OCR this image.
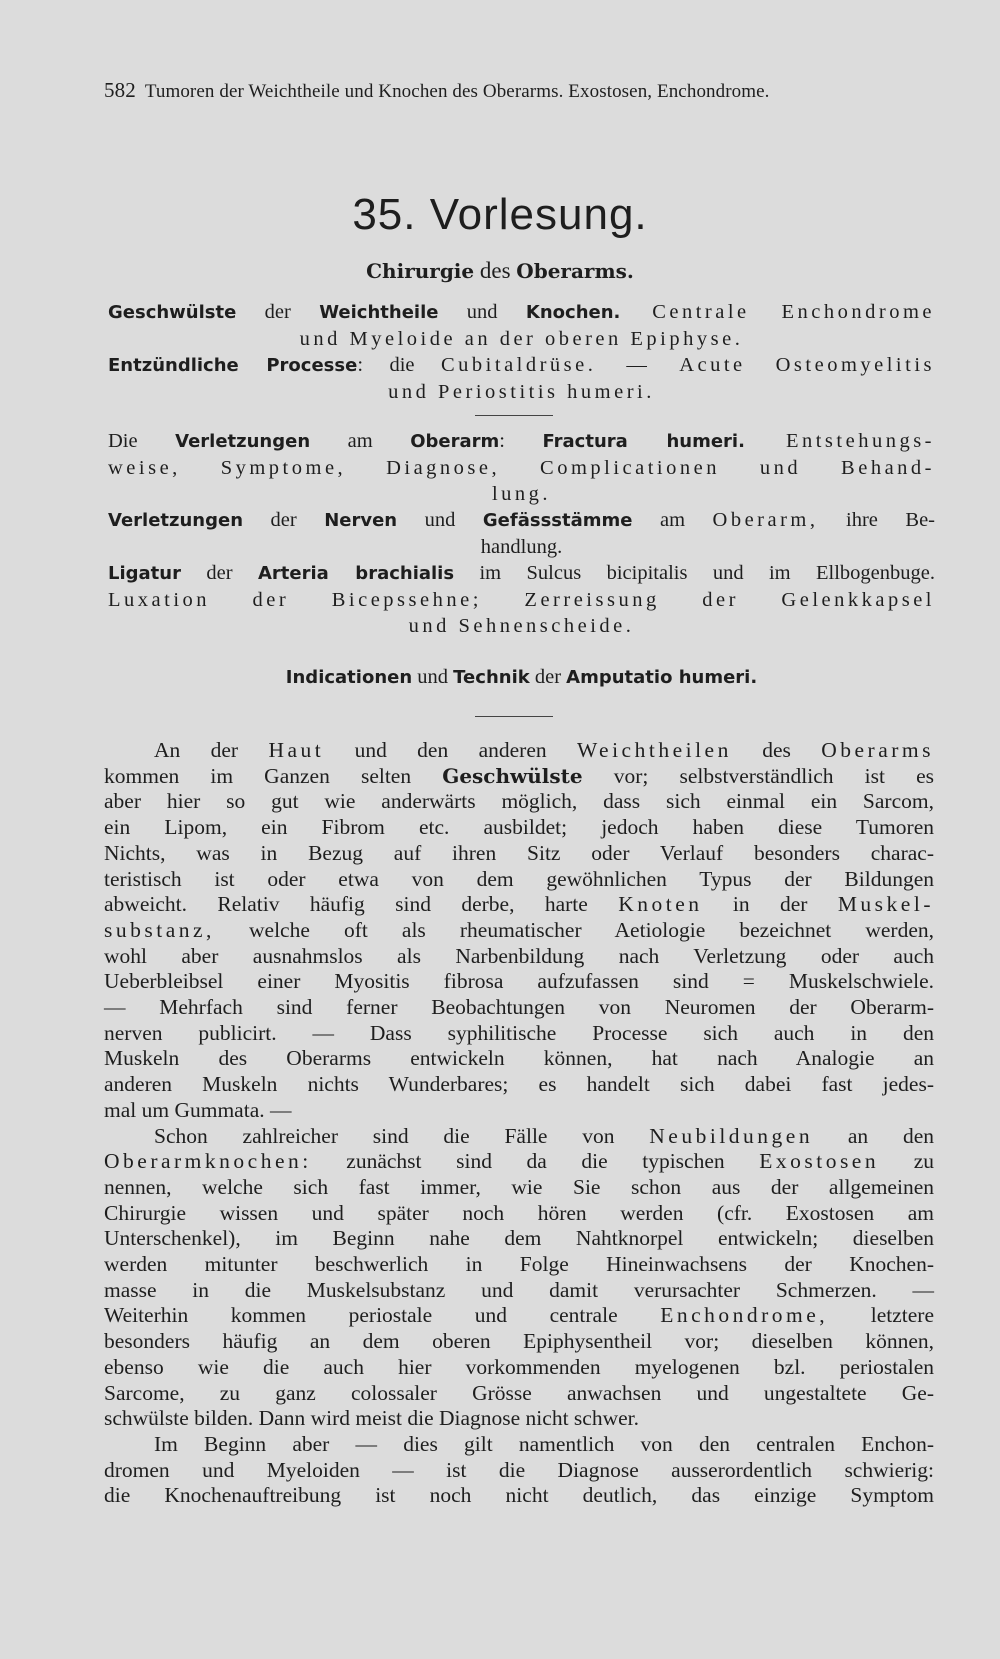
582 Tumoren der Weichtheile und Knochen des Oberarms. Exostosen, Enchondrome.
35. Vorlesung.
Chirurgie des Oberarms.
Geschwülste der Weichtheile und Knochen. Centrale Enchondrome
und Myeloide an der oberen Epiphyse.
Entzündliche Processe: die Cubitaldrüse. — Acute Osteomyelitis
und Periostitis humeri.
Die Verletzungen am Oberarm: Fractura humeri. Entstehungs-
weise, Symptome, Diagnose, Complicationen und Behand-
lung.
Verletzungen der Nerven und Gefässstämme am Oberarm, ihre Be-
handlung.
Ligatur der Arteria brachialis im Sulcus bicipitalis und im Ellbogenbuge.
Luxation der Bicepssehne; Zerreissung der Gelenkkapsel
und Sehnenscheide.
Indicationen und Technik der Amputatio humeri.
An der Haut und den anderen Weichtheilen des Oberarms
kommen im Ganzen selten Geschwülste vor; selbstverständlich ist es
aber hier so gut wie anderwärts möglich, dass sich einmal ein Sarcom,
ein Lipom, ein Fibrom etc. ausbildet; jedoch haben diese Tumoren
Nichts, was in Bezug auf ihren Sitz oder Verlauf besonders charac-
teristisch ist oder etwa von dem gewöhnlichen Typus der Bildungen
abweicht. Relativ häufig sind derbe, harte Knoten in der Muskel-
substanz, welche oft als rheumatischer Aetiologie bezeichnet werden,
wohl aber ausnahmslos als Narbenbildung nach Verletzung oder auch
Ueberbleibsel einer Myositis fibrosa aufzufassen sind = Muskelschwiele.
— Mehrfach sind ferner Beobachtungen von Neuromen der Oberarm-
nerven publicirt. — Dass syphilitische Processe sich auch in den
Muskeln des Oberarms entwickeln können, hat nach Analogie an
anderen Muskeln nichts Wunderbares; es handelt sich dabei fast jedes-
mal um Gummata. —
Schon zahlreicher sind die Fälle von Neubildungen an den
Oberarmknochen: zunächst sind da die typischen Exostosen zu
nennen, welche sich fast immer, wie Sie schon aus der allgemeinen
Chirurgie wissen und später noch hören werden (cfr. Exostosen am
Unterschenkel), im Beginn nahe dem Nahtknorpel entwickeln; dieselben
werden mitunter beschwerlich in Folge Hineinwachsens der Knochen-
masse in die Muskelsubstanz und damit verursachter Schmerzen. —
Weiterhin kommen periostale und centrale Enchondrome, letztere
besonders häufig an dem oberen Epiphysentheil vor; dieselben können,
ebenso wie die auch hier vorkommenden myelogenen bzl. periostalen
Sarcome, zu ganz colossaler Grösse anwachsen und ungestaltete Ge-
schwülste bilden. Dann wird meist die Diagnose nicht schwer.
Im Beginn aber — dies gilt namentlich von den centralen Enchon-
dromen und Myeloiden — ist die Diagnose ausserordentlich schwierig:
die Knochenauftreibung ist noch nicht deutlich, das einzige Symptom
